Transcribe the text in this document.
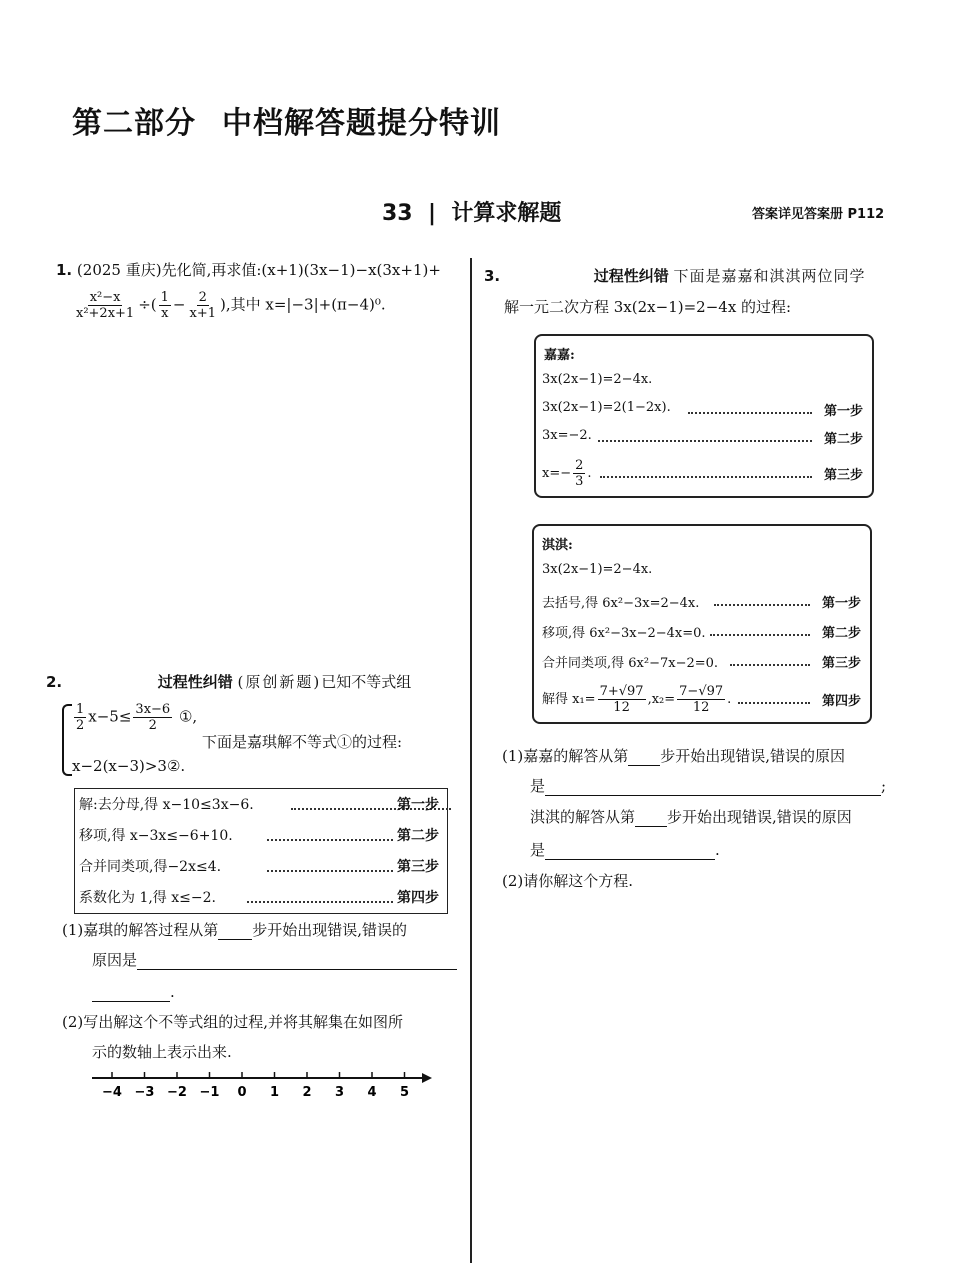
第二部分 中档解答题提分特训
33  |  计算求解题	答案详见答案册 P112
1. (2025 重庆)先化简,再求值:(x+1)(3x−1)−x(3x+1)+
$\frac{\text{x²−x}}{\text{x²+2x+1}}$ ÷( $\frac{1}{x} - \frac{2}{x+1}$ ),其中 x=|−3|+(π−4)⁰.
2.	过程性纠错 (原创新题)已知不等式组
$\frac{1}{2} x-5\le \frac{3x-6}{2}$ ①,
下面是嘉琪解不等式①的过程:
x−2(x−3)>3②.
解:去分母,得 x−10≤3x−6.	第一步
移项,得 x−3x≤−6+10.	第二步
合并同类项,得−2x≤4.	第三步
系数化为 1,得 x≤−2.	第四步
(1)嘉琪的解答过程从第 步开始出现错误,错误的
原因是
.
(2)写出解这个不等式组的过程,并将其解集在如图所
示的数轴上表示出来.
−4 −3 −2 −1 0 1 2 3 4 5
3.	过程性纠错 下面是嘉嘉和淇淇两位同学
解一元二次方程 3x(2x−1)=2−4x 的过程:
嘉嘉:
3x(2x−1)=2−4x.
3x(2x−1)=2(1−2x).	第一步
3x=−2.	第二步
$x=- \frac{2}{3}$ .	第三步
淇淇:
3x(2x−1)=2−4x.
去括号,得 6x²−3x=2−4x.	第一步
移项,得 6x²−3x−2−4x=0.	第二步
合并同类项,得 6x²−7x−2=0.	第三步
解得 $x_1= \frac{7+√97}{12} ,x_2= \frac{7-√97}{12}$ .	第四步
(1)嘉嘉的解答从第 步开始出现错误,错误的原因
是	;
淇淇的解答从第 步开始出现错误,错误的原因
是	.
(2)请你解这个方程.
